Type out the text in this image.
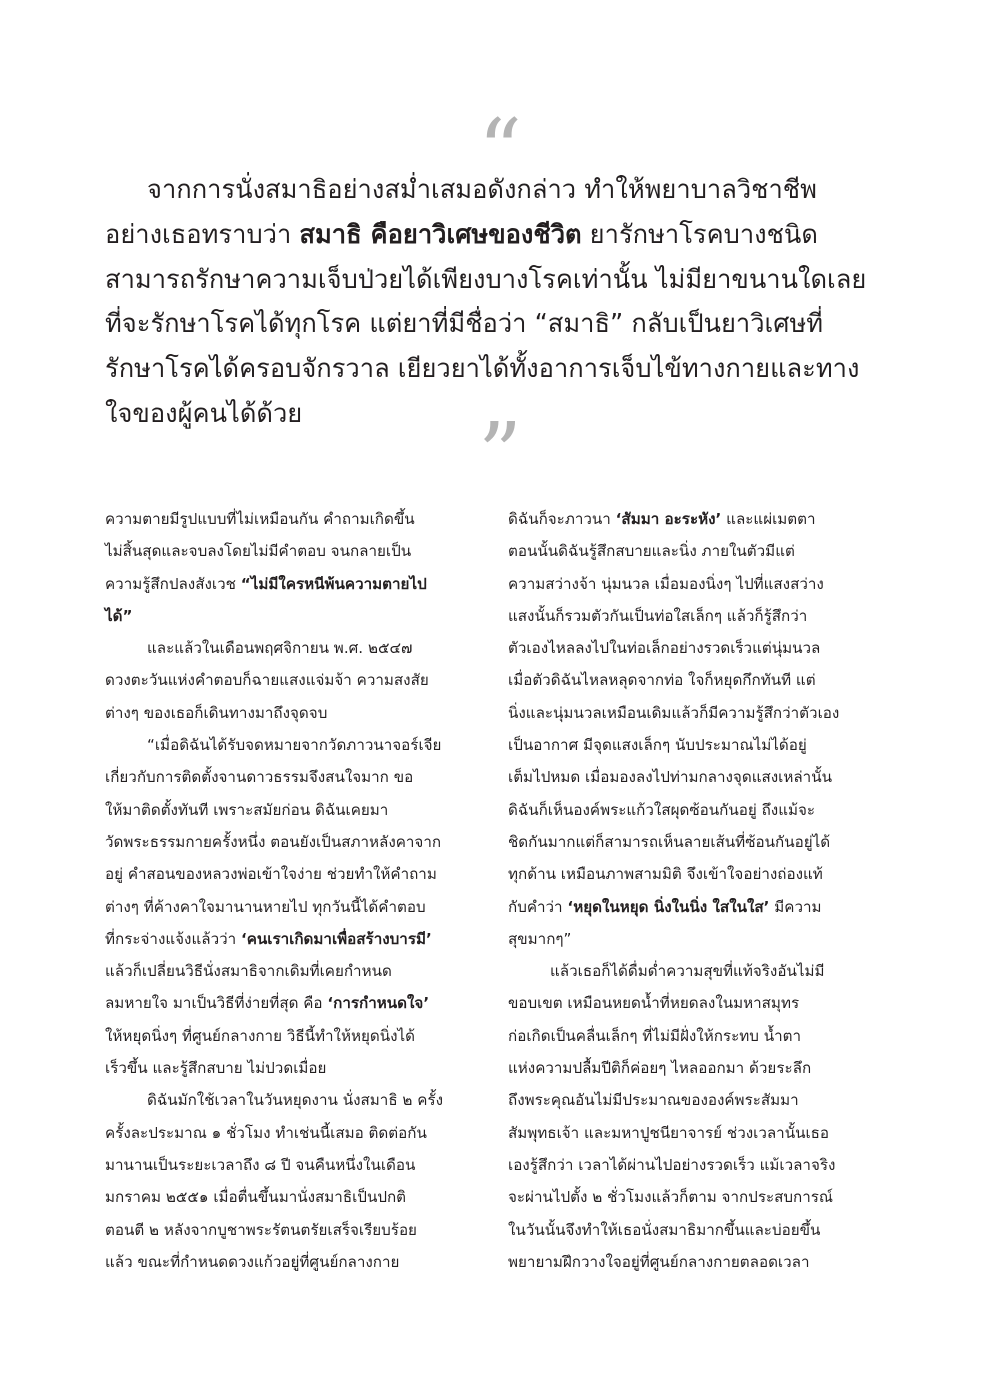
“
จากการนั่งสมาธิอย่างสม่ำเสมอดังกล่าว ทำให้พยาบาลวิชาชีพ
อย่างเธอทราบว่า สมาธิ คือยาวิเศษของชีวิต ยารักษาโรคบางชนิด
สามารถรักษาความเจ็บป่วยได้เพียงบางโรคเท่านั้น ไม่มียาขนานใดเลย
ที่จะรักษาโรคได้ทุกโรค แต่ยาที่มีชื่อว่า “สมาธิ” กลับเป็นยาวิเศษที่
รักษาโรคได้ครอบจักรวาล เยียวยาได้ทั้งอาการเจ็บไข้ทางกายและทาง
ใจของผู้คนได้ด้วย	”
ความตายมีรูปแบบที่ไม่เหมือนกัน คำถามเกิดขึ้น
ไม่สิ้นสุดและจบลงโดยไม่มีคำตอบ จนกลายเป็น
ความรู้สึกปลงสังเวช “ไม่มีใครหนีพ้นความตายไป
ได้”
และแล้วในเดือนพฤศจิกายน พ.ศ. ๒๕๔๗
ดวงตะวันแห่งคำตอบก็ฉายแสงแจ่มจ้า ความสงสัย
ต่างๆ ของเธอก็เดินทางมาถึงจุดจบ
“เมื่อดิฉันได้รับจดหมายจากวัดภาวนาจอร์เจีย
เกี่ยวกับการติดตั้งจานดาวธรรมจึงสนใจมาก ขอ
ให้มาติดตั้งทันที เพราะสมัยก่อน ดิฉันเคยมา
วัดพระธรรมกายครั้งหนึ่ง ตอนยังเป็นสภาหลังคาจาก
อยู่ คำสอนของหลวงพ่อเข้าใจง่าย ช่วยทำให้คำถาม
ต่างๆ ที่ค้างคาใจมานานหายไป ทุกวันนี้ได้คำตอบ
ที่กระจ่างแจ้งแล้วว่า ‘คนเราเกิดมาเพื่อสร้างบารมี’
แล้วก็เปลี่ยนวิธีนั่งสมาธิจากเดิมที่เคยกำหนด
ลมหายใจ มาเป็นวิธีที่ง่ายที่สุด คือ ‘การกำหนดใจ’
ให้หยุดนิ่งๆ ที่ศูนย์กลางกาย วิธีนี้ทำให้หยุดนิ่งได้
เร็วขึ้น และรู้สึกสบาย ไม่ปวดเมื่อย
ดิฉันมักใช้เวลาในวันหยุดงาน นั่งสมาธิ ๒ ครั้ง
ครั้งละประมาณ ๑ ชั่วโมง ทำเช่นนี้เสมอ ติดต่อกัน
มานานเป็นระยะเวลาถึง ๘ ปี จนคืนหนึ่งในเดือน
มกราคม ๒๕๕๑ เมื่อตื่นขึ้นมานั่งสมาธิเป็นปกติ
ตอนตี ๒ หลังจากบูชาพระรัตนตรัยเสร็จเรียบร้อย
แล้ว ขณะที่กำหนดดวงแก้วอยู่ที่ศูนย์กลางกาย
ดิฉันก็จะภาวนา ‘สัมมา อะระหัง’ และแผ่เมตตา
ตอนนั้นดิฉันรู้สึกสบายและนิ่ง ภายในตัวมีแต่
ความสว่างจ้า นุ่มนวล เมื่อมองนิ่งๆ ไปที่แสงสว่าง
แสงนั้นก็รวมตัวกันเป็นท่อใสเล็กๆ แล้วก็รู้สึกว่า
ตัวเองไหลลงไปในท่อเล็กอย่างรวดเร็วแต่นุ่มนวล
เมื่อตัวดิฉันไหลหลุดจากท่อ ใจก็หยุดกึกทันที แต่
นิ่งและนุ่มนวลเหมือนเดิมแล้วก็มีความรู้สึกว่าตัวเอง
เป็นอากาศ มีจุดแสงเล็กๆ นับประมาณไม่ได้อยู่
เต็มไปหมด เมื่อมองลงไปท่ามกลางจุดแสงเหล่านั้น
ดิฉันก็เห็นองค์พระแก้วใสผุดซ้อนกันอยู่ ถึงแม้จะ
ชิดกันมากแต่ก็สามารถเห็นลายเส้นที่ซ้อนกันอยู่ได้
ทุกด้าน เหมือนภาพสามมิติ จึงเข้าใจอย่างถ่องแท้
กับคำว่า ‘หยุดในหยุด นิ่งในนิ่ง ใสในใส’ มีความ
สุขมากๆ”
แล้วเธอก็ได้ดื่มด่ำความสุขที่แท้จริงอันไม่มี
ขอบเขต เหมือนหยดน้ำที่หยดลงในมหาสมุทร
ก่อเกิดเป็นคลื่นเล็กๆ ที่ไม่มีฝั่งให้กระทบ น้ำตา
แห่งความปลื้มปีติก็ค่อยๆ ไหลออกมา ด้วยระลึก
ถึงพระคุณอันไม่มีประมาณขององค์พระสัมมา
สัมพุทธเจ้า และมหาปูชนียาจารย์ ช่วงเวลานั้นเธอ
เองรู้สึกว่า เวลาได้ผ่านไปอย่างรวดเร็ว แม้เวลาจริง
จะผ่านไปตั้ง ๒ ชั่วโมงแล้วก็ตาม จากประสบการณ์
ในวันนั้นจึงทำให้เธอนั่งสมาธิมากขึ้นและบ่อยขึ้น
พยายามฝึกวางใจอยู่ที่ศูนย์กลางกายตลอดเวลา
